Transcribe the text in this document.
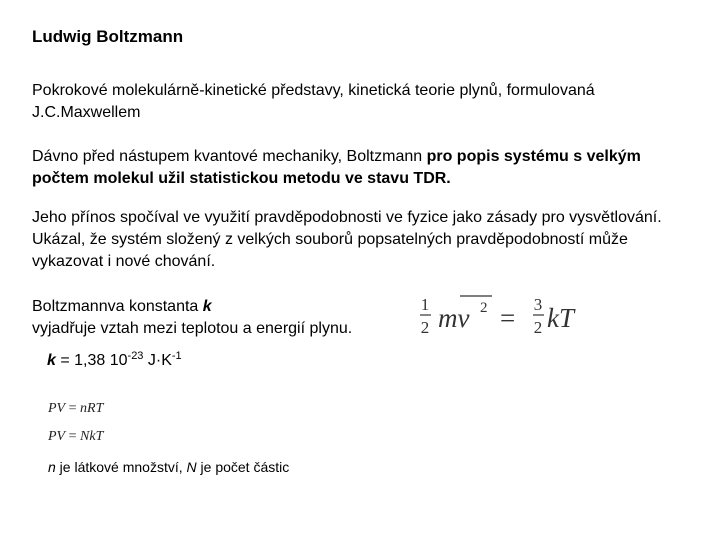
Ludwig Boltzmann
Pokrokové molekulárně-kinetické představy, kinetická teorie plynů, formulovaná J.C.Maxwellem
Dávno před nástupem kvantové mechaniky, Boltzmann pro popis systému s velkým počtem molekul užil statistickou metodu ve stavu TDR.
Jeho přínos spočíval ve využití pravděpodobnosti ve fyzice jako zásady pro vysvětlování. Ukázal, že systém složený z velkých souborů popsatelných pravděpodobností může vykazovat i nové chování.
Boltzmannva konstanta k
vyjadřuje vztah mezi teplotou a energií plynu.
k = 1,38 $10^{-23}$ $J\cdot K^{-1}$
1
2 mv 2 = 3
2 kT
PV = nRT
PV = NkT
n je látkové množství, N je počet částic
